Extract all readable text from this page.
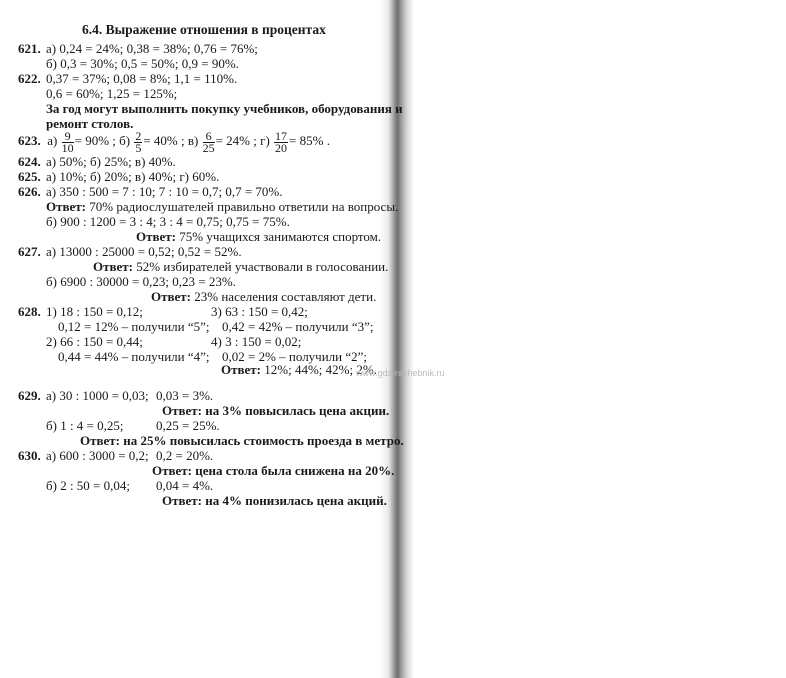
6.4. Выражение отношения в процентах
621. а) 0,24 = 24%; 0,38 = 38%; 0,76 = 76%;
б) 0,3 = 30%; 0,5 = 50%; 0,9 = 90%.
622. 0,37 = 37%; 0,08 = 8%; 1,1 = 110%.
0,6 = 60%; 1,25 = 125%;
За год могут выполнить покупку учебников, оборудования и
ремонт столов.
623. $а) \frac{9}{10} = 90\%$ ; $б) \frac{2}{5} = 40\%$ ; $в) \frac{6}{25} = 24\%$ ; $г) \frac{17}{20} = 85\%$ .
624. а) 50%; б) 25%; в) 40%.
625. а) 10%; б) 20%; в) 40%; г) 60%.
626. а) 350 : 500 = 7 : 10; 7 : 10 = 0,7; 0,7 = 70%.
Ответ: 70% радиослушателей правильно ответили на вопросы.
б) 900 : 1200 = 3 : 4; 3 : 4 = 0,75; 0,75 = 75%.
Ответ: 75% учащихся занимаются спортом.
627. а) 13000 : 25000 = 0,52; 0,52 = 52%.
Ответ: 52% избирателей участвовали в голосовании.
б) 6900 : 30000 = 0,23; 0,23 = 23%.
Ответ: 23% населения составляют дети.
628. 1) 18 : 150 = 0,12;
0,12 = 12% – получили “5”;
2) 66 : 150 = 0,44;
0,44 = 44% – получили “4”;
3) 63 : 150 = 0,42;
0,42 = 42% – получили “3”;
4) 3 : 150 = 0,02;
0,02 = 2% – получили “2”;
Ответ: 12%; 44%; 42%; 2%.
629. а) 30 : 1000 = 0,03; 0,03 = 3%.
Ответ: на 3% повысилась цена акции.
www.gdz-reshebnik.ru
б) 1 : 4 = 0,25;	0,25 = 25%.
Ответ: на 25% повысилась стоимость проезда в метро.
630. а) 600 : 3000 = 0,2; 0,2 = 20%.
Ответ: цена стола была снижена на 20%.
б) 2 : 50 = 0,04; 0,04 = 4%.
Ответ: на 4% понизилась цена акций.
